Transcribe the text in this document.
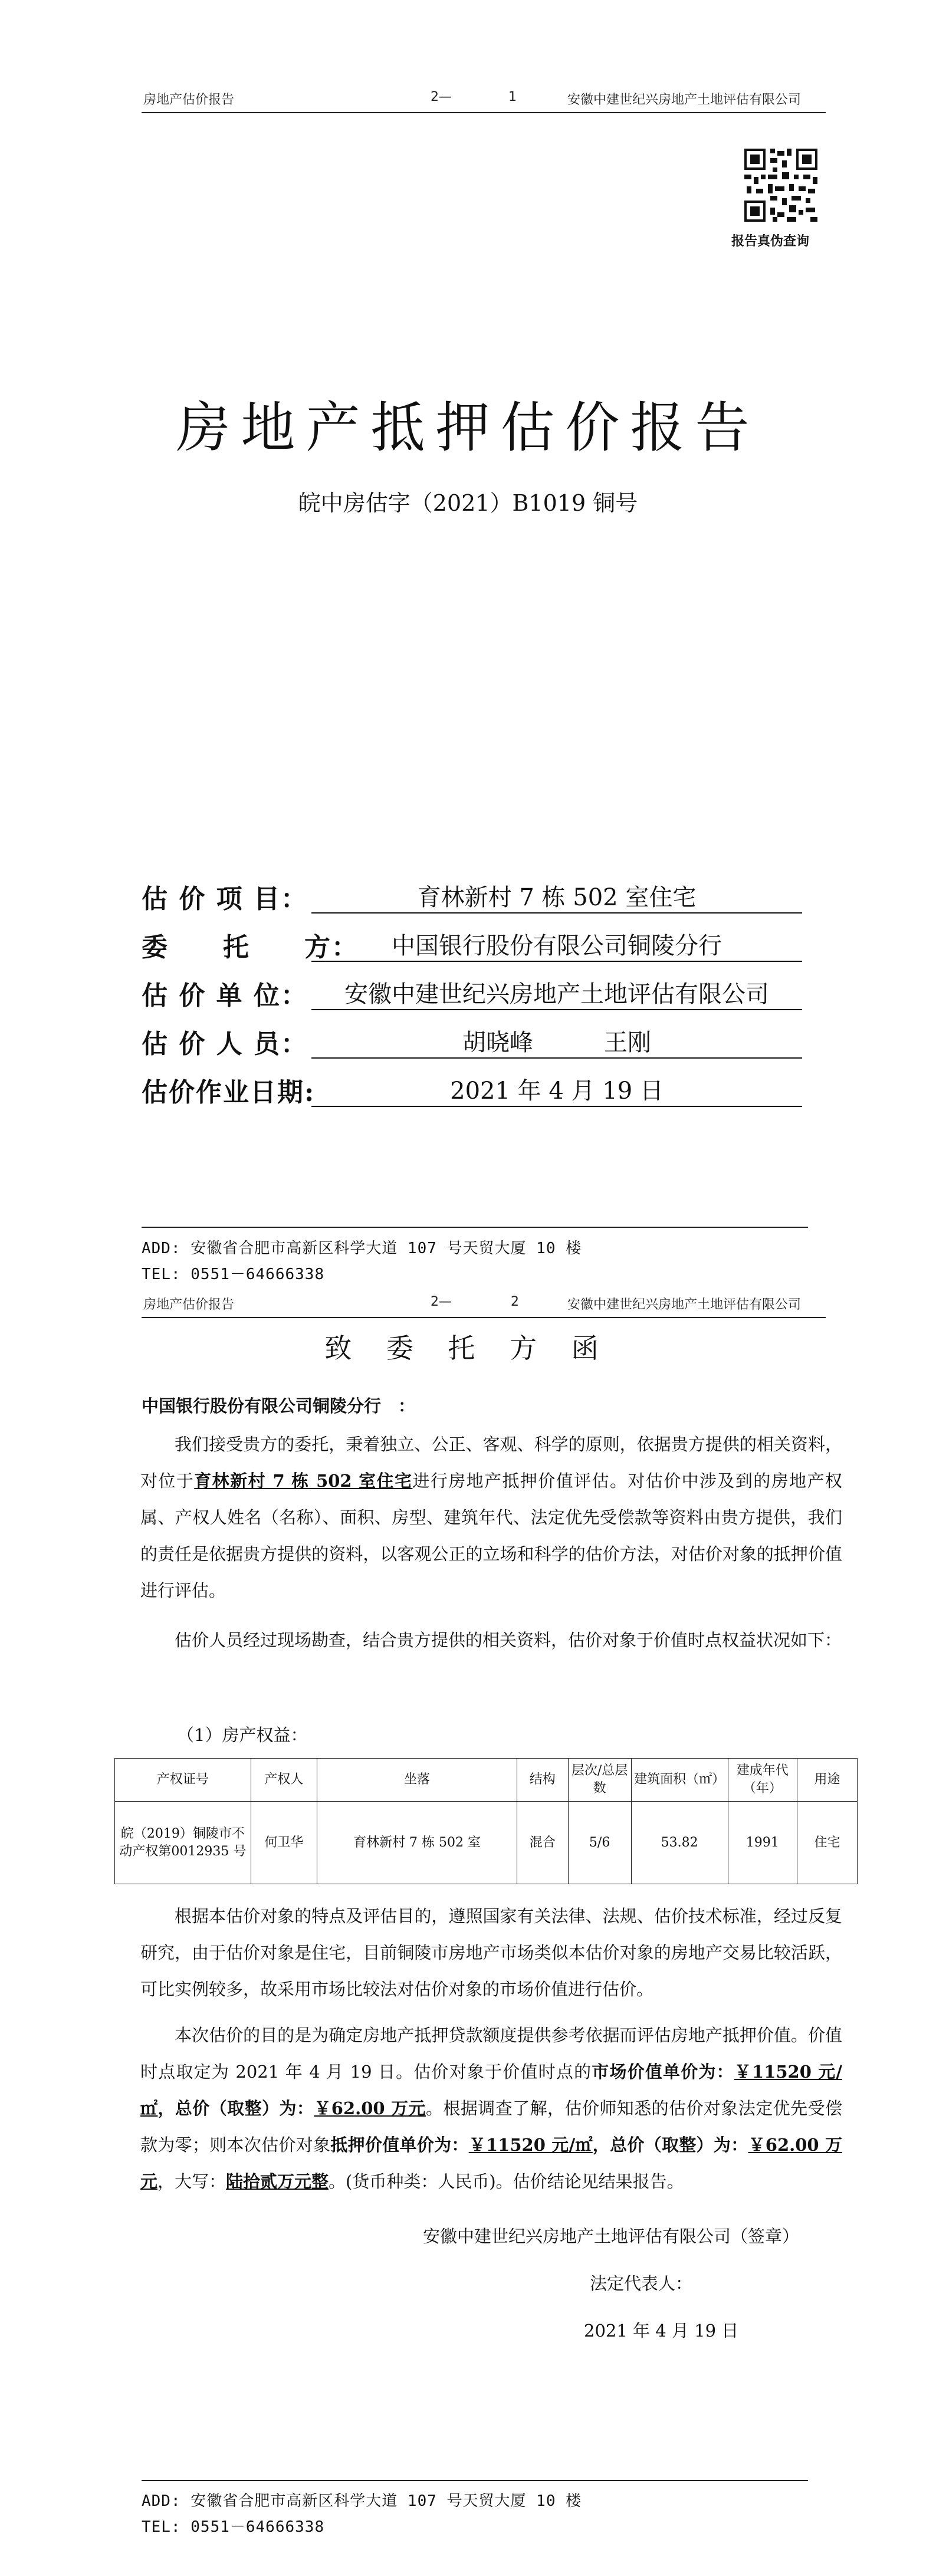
房地产估价报告	2—	1	安徽中建世纪兴房地产土地评估有限公司
报告真伪查询
房地产抵押估价报告
皖中房估字（2021）B1019 铜号
估 价 项 目：	育林新村 7 栋 502 室住宅
委　　托　　方：	中国银行股份有限公司铜陵分行
估 价 单 位：	安徽中建世纪兴房地产土地评估有限公司
估 价 人 员：	胡晓峰　　　王刚
估价作业日期:	2021 年 4 月 19 日
ADD: 安徽省合肥市高新区科学大道 107 号天贸大厦 10 楼
TEL: 0551－64666338
房地产估价报告	2—	2	安徽中建世纪兴房地产土地评估有限公司
致 委 托 方 函
中国银行股份有限公司铜陵分行　：

我们接受贵方的委托，秉着独立、公正、客观、科学的原则，依据贵方提供的相关资料，对位于育林新村 7 栋 502 室住宅进行房地产抵押价值评估。对估价中涉及到的房地产权属、产权人姓名（名称）、面积、房型、建筑年代、法定优先受偿款等资料由贵方提供，我们的责任是依据贵方提供的资料，以客观公正的立场和科学的估价方法，对估价对象的抵押价值进行评估。

估价人员经过现场勘查，结合贵方提供的相关资料，估价对象于价值时点权益状况如下：

（1）房产权益：
产权证号	产权人	坐落	结构	层次/总层数	建筑面积（㎡）	建成年代（年）	用途
皖（2019）铜陵市不动产权第0012935 号	何卫华	育林新村 7 栋 502 室	混合	5/6	53.82	1991	住宅

根据本估价对象的特点及评估目的，遵照国家有关法律、法规、估价技术标准，经过反复研究，由于估价对象是住宅，目前铜陵市房地产市场类似本估价对象的房地产交易比较活跃，可比实例较多，故采用市场比较法对估价对象的市场价值进行估价。

本次估价的目的是为确定房地产抵押贷款额度提供参考依据而评估房地产抵押价值。价值时点取定为 2021 年 4 月 19 日。估价对象于价值时点的市场价值单价为：￥11520 元/㎡，总价（取整）为：￥62.00 万元。根据调查了解，估价师知悉的估价对象法定优先受偿款为零；则本次估价对象抵押价值单价为：￥11520 元/㎡，总价（取整）为：￥62.00 万元，大写：陆拾贰万元整。(货币种类：人民币)。估价结论见结果报告。

安徽中建世纪兴房地产土地评估有限公司（签章）
法定代表人：
2021 年 4 月 19 日
ADD: 安徽省合肥市高新区科学大道 107 号天贸大厦 10 楼
TEL: 0551－64666338
